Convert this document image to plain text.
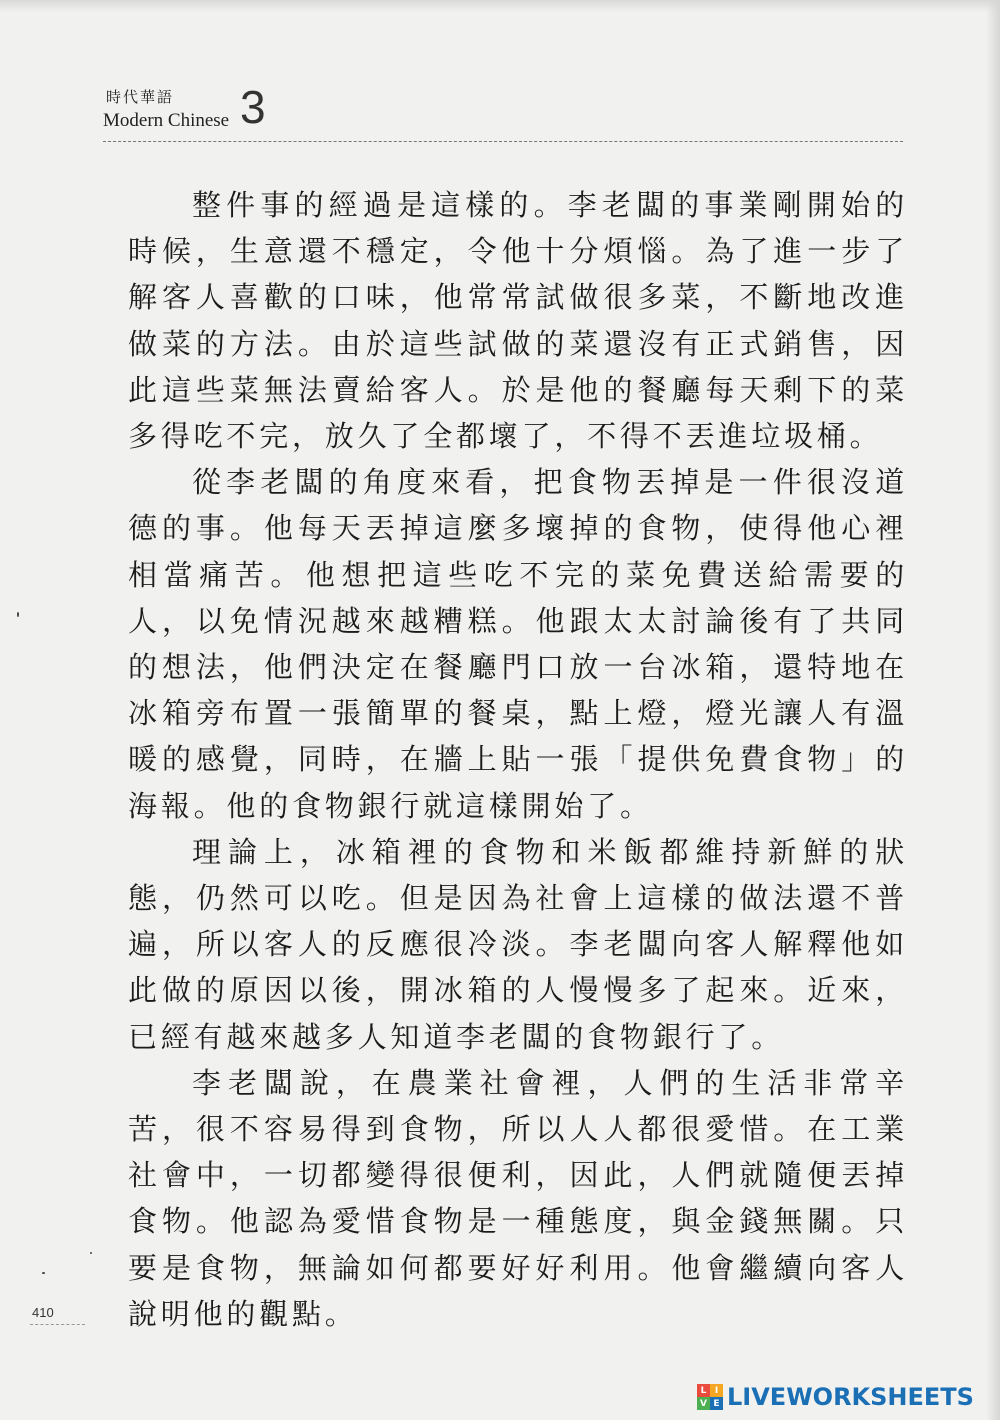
時代華語
Modern Chinese 3

整件事的經過是這樣的。李老闆的事業剛開始的時候，生意還不穩定，令他十分煩惱。為了進一步了解客人喜歡的口味，他常常試做很多菜，不斷地改進做菜的方法。由於這些試做的菜還沒有正式銷售，因此這些菜無法賣給客人。於是他的餐廳每天剩下的菜多得吃不完，放久了全都壞了，不得不丟進垃圾桶。

從李老闆的角度來看，把食物丟掉是一件很沒道德的事。他每天丟掉這麼多壞掉的食物，使得他心裡相當痛苦。他想把這些吃不完的菜免費送給需要的人，以免情況越來越糟糕。他跟太太討論後有了共同的想法，他們決定在餐廳門口放一台冰箱，還特地在冰箱旁布置一張簡單的餐桌，點上燈，燈光讓人有溫暖的感覺，同時，在牆上貼一張「提供免費食物」的海報。他的食物銀行就這樣開始了。

理論上，冰箱裡的食物和米飯都維持新鮮的狀態，仍然可以吃。但是因為社會上這樣的做法還不普遍，所以客人的反應很冷淡。李老闆向客人解釋他如此做的原因以後，開冰箱的人慢慢多了起來。近來，已經有越來越多人知道李老闆的食物銀行了。

李老闆說，在農業社會裡，人們的生活非常辛苦，很不容易得到食物，所以人人都很愛惜。在工業社會中，一切都變得很便利，因此，人們就隨便丟掉食物。他認為愛惜食物是一種態度，與金錢無關。只要是食物，無論如何都要好好利用。他會繼續向客人說明他的觀點。

410
L I
V E LIVEWORKSHEETS
